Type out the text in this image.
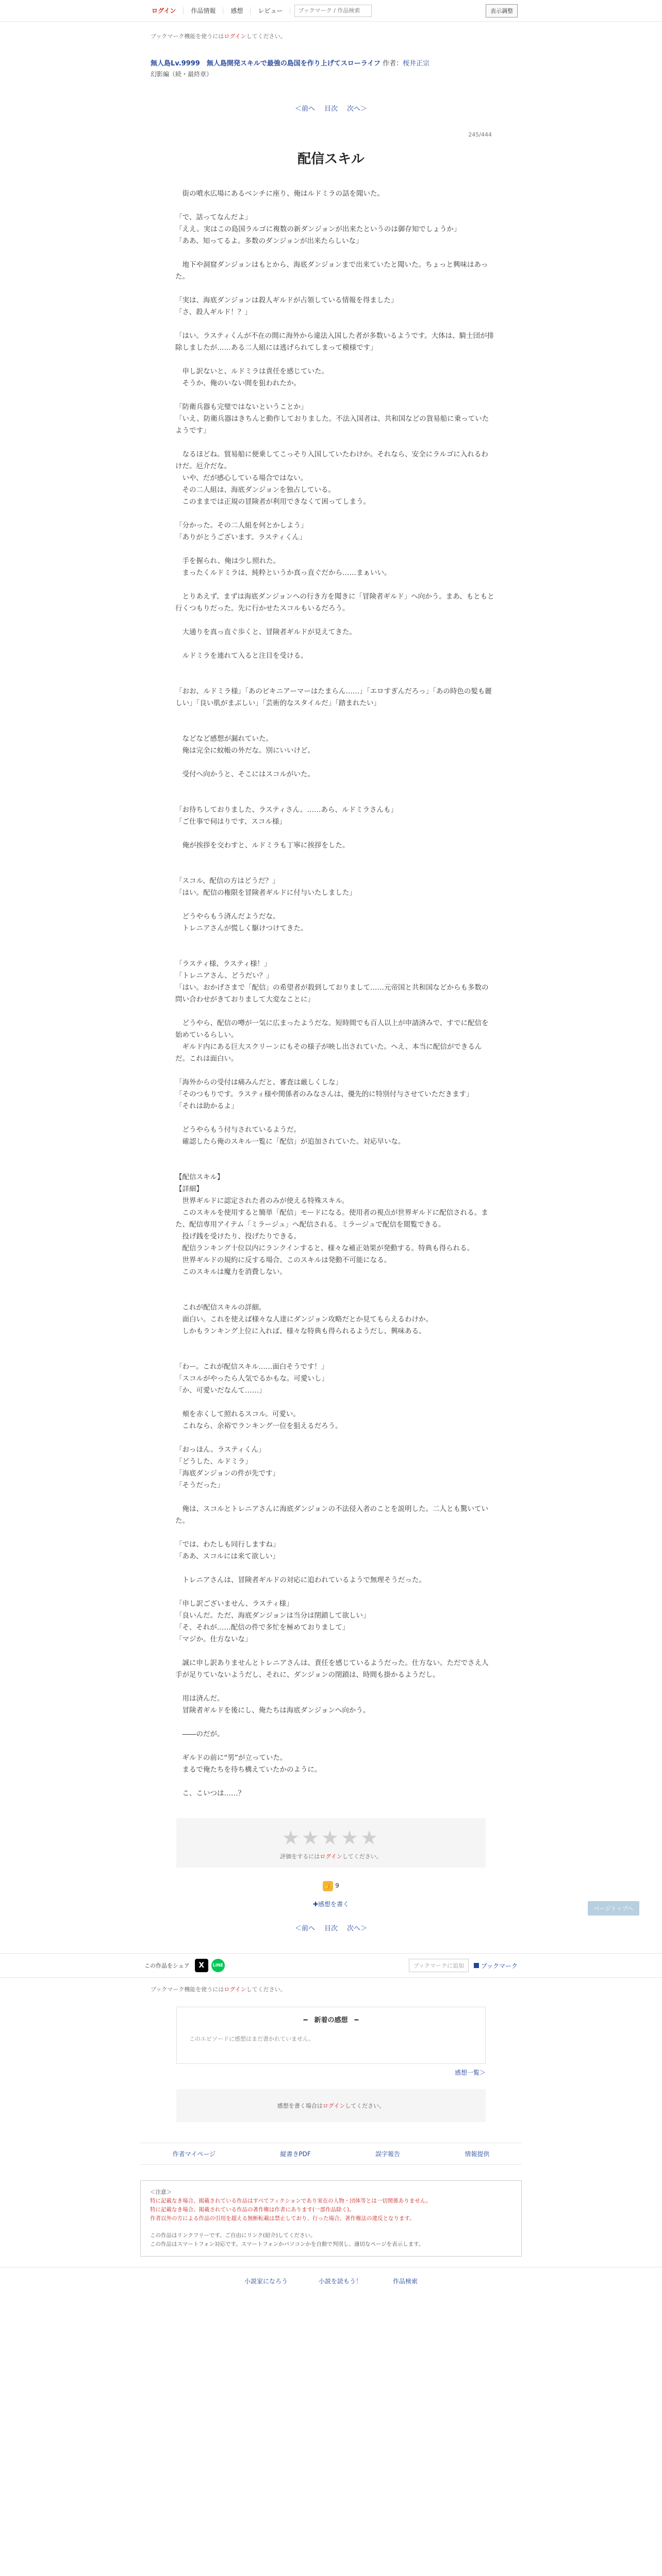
ログイン	作品情報	感想	レビュー
ブックマーク / 作品検索	表示調整
ブックマーク機能を使うにはログインしてください。
無人島Lv.9999　無人島開発スキルで最強の島国を作り上げてスローライフ 作者：桜井正宗
幻影編（続・最終章）
＜前へ 目次 次へ＞
245/444
配信スキル

　街の噴水広場にあるベンチに座り、俺はルドミラの話を聞いた。

「で、話ってなんだよ」

「ええ。実はこの島国ラルゴに複数の新ダンジョンが出来たというのは御存知でしょうか」

「ああ、知ってるよ。多数のダンジョンが出来たらしいな」

　地下や洞窟ダンジョンはもとから、海底ダンジョンまで出来ていたと聞いた。ちょっと興味はあった。

「実は、海底ダンジョンは殺人ギルドが占領している情報を得ました」

「さ、殺人ギルド！？」

「はい。ラスティくんが不在の間に海外から違法入国した者が多数いるようです。大体は、騎士団が排除しましたが……ある二人組には逃げられてしまって模様です」

　申し訳ないと、ルドミラは責任を感じていた。

　そうか、俺のいない間を狙われたか。

「防衛兵器も完璧ではないということか」

「いえ、防衛兵器はきちんと動作しておりました。不法入国者は、共和国などの貨易船に乗っていたようです」

　なるほどね。貿易船に便乗してこっそり入国していたわけか。それなら、安全にラルゴに入れるわけだ。厄介だな。

　いや、だが感心している場合ではない。

　その二人組は、海底ダンジョンを独占している。

　このままでは正規の冒険者が利用できなくて困ってしまう。

「分かった。その二人組を何とかしよう」

「ありがとうございます。ラスティくん」

　手を握られ、俺は少し照れた。

　まったくルドミラは、純粋というか真っ直ぐだから……まぁいい。

　とりあえず、まずは海底ダンジョンへの行き方を聞きに「冒険者ギルド」へ向かう。まあ、もともと行くつもりだった。先に行かせたスコルもいるだろう。

　大通りを真っ直ぐ歩くと、冒険者ギルドが見えてきた。

　ルドミラを連れて入ると注目を受ける。

「おお、ルドミラ様」「あのビキニアーマーはたまらん……」「エロすぎんだろっ」「あの時色の髪も麗しい」「良い肌がまぶしい」「芸術的なスタイルだ」「踏まれたい」

　などなど感想が漏れていた。

　俺は完全に蚊帳の外だな。別にいいけど。

　受付へ向かうと、そこにはスコルがいた。

「お待ちしておりました、ラスティさん。……あら、ルドミラさんも」

「ご仕事で伺はりです、スコル様」

　俺が挨拶を交わすと、ルドミラも丁寧に挨拶をした。

「スコル、配信の方はどうだ？」

「はい。配信の権限を冒険者ギルドに付与いたしました」

　どうやらもう済んだようだな。

　トレニアさんが慌しく駆けつけてきた。

「ラスティ様、ラスティ様！」

「トレニアさん、どうだい？」

「はい。おかげさまで「配信」の希望者が殺到しておりまして……元帝国と共和国などからも多数の問い合わせがきておりまして大変なことに」

　どうやら、配信の噂が一気に広まったようだな。短時間でも百人以上が申請済みで、すでに配信を始めているらしい。

　ギルド内にある巨大スクリーンにもその様子が映し出されていた。ヘえ、本当に配信ができるんだ。これは面白い。

「海外からの受付は痛みんだと、審査は厳しくしな」

「そのつもりです。ラスティ様や関係者のみなさんは、優先的に特別付与させていただきます」

「それは助かるよ」

　どうやらもう付与されているようだ。

　確認したら俺のスキル一覧に「配信」が追加されていた。対応早いな。

【配信スキル】

【詳細】

　世界ギルドに認定された者のみが使える特殊スキル。

　このスキルを使用すると簡単「配信」モードになる。使用者の視点が世界ギルドに配信される。また、配信専用アイテム「ミラージュ」へ配信される。ミラージュで配信を閲覧できる。

　投げ銭を受けたり、投げたりできる。

　配信ランキング十位以内にランクインすると、様々な補正効果が発動する。特典も得られる。

　世界ギルドの規約に反する場合、このスキルは発動不可能になる。

　このスキルは魔力を消費しない。

　これが配信スキルの詳細。

　面白い。これを使えば様々な人達にダンジョン攻略だとか見てもらえるわけか。

　しかもランキング上位に入れば、様々な特典も得られるようだし、興味ある。

「わー。これが配信スキル……面白そうです！」

「スコルがやったら人気でるかもな。可愛いし」

「か、可愛いだなんて……」

　頬を赤くして照れるスコル。可愛い。

　これなら、余裕でランキング一位を狙えるだろう。

「おっほん。ラスティくん」

「どうした、ルドミラ」

「海底ダンジョンの件が先です」

「そうだった」

　俺は、スコルとトレニアさんに海底ダンジョンの不法侵入者のことを説明した。二人とも驚いていた。

「では、わたしも同行しますね」

「ああ、スコルには来て欲しい」

　トレニアさんは、冒険者ギルドの対応に追われているようで無理そうだった。

「申し訳ございません、ラスティ様」

「良いんだ。ただ、海底ダンジョンは当分は閉鎖して欲しい」

「そ、それが……配信の件で多忙を極めておりまして」

「マジか。仕方ないな」

　誠に申し訳ありませんとトレニアさんは、責任を感じているようだった。仕方ない。ただでさえ人手が足りていないようだし、それに、ダンジョンの閉鎖は、時間も掛かるようだし。

　用は済んだ。

　冒険者ギルドを後にし、俺たちは海底ダンジョンへ向かう。

　――のだが。

　ギルドの前に“男”が立っていた。

　まるで俺たちを待ち構えていたかのように。

　こ、こいつは……？

ページトップへ
★★★★★
評価をするにはログインしてください。
👍 9
✚感想を書く
＜前へ 目次 次へ＞
この作品をシェア	X	LINE	ブックマークに追加	ブックマーク
ブックマーク機能を使うにはログインしてください。
━　新着の感想　━
このエピソードに感想はまだ書かれていません。
感想一覧＞
感想を書く場合はログインしてください。
作者マイページ	縦書きPDF	誤字報告	情報提供
＜注意＞
特に記載なき場合、掲載されている作品はすべてフィクションであり実在の人物・団体等とは一切関係ありません。
特に記載なき場合、掲載されている作品の著作権は作者にあります(一部作品除く)。
作者以外の方による作品の引用を超える無断転載は禁止しており、行った場合、著作権法の違反となります。
この作品はリンクフリーです。ご自由にリンク(紹介)してください。
この作品はスマートフォン対応です。スマートフォンかパソコンかを自動で判別し、適切なページを表示します。
小説家になろう	小説を読もう！	作品検索
